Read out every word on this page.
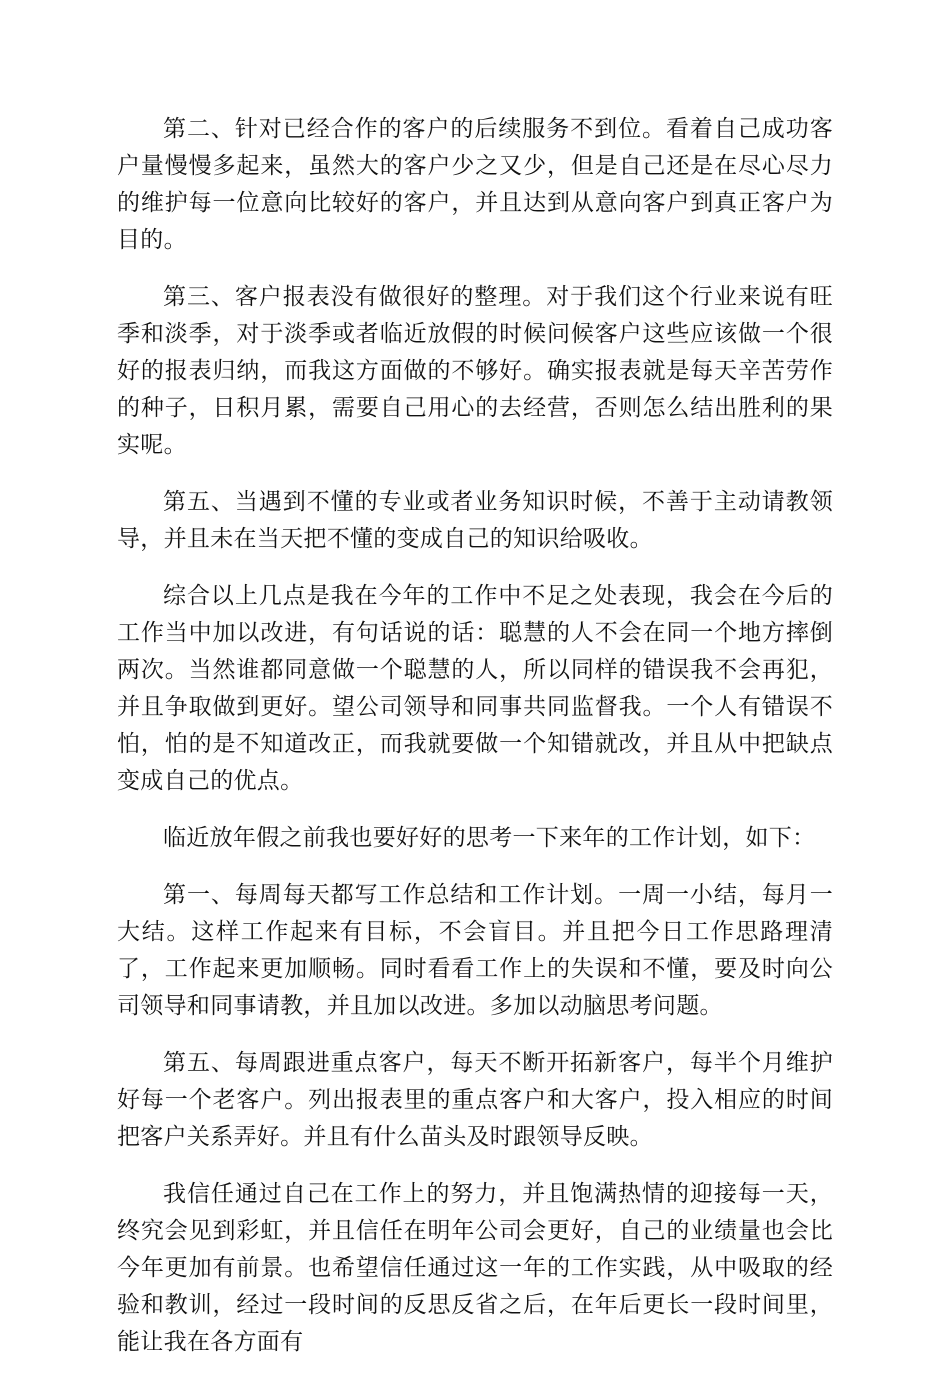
第二、针对已经合作的客户的后续服务不到位。看着自己成功客户量慢慢多起来，虽然大的客户少之又少，但是自己还是在尽心尽力的维护每一位意向比较好的客户，并且达到从意向客户到真正客户为目的。

第三、客户报表没有做很好的整理。对于我们这个行业来说有旺季和淡季，对于淡季或者临近放假的时候问候客户这些应该做一个很好的报表归纳，而我这方面做的不够好。确实报表就是每天辛苦劳作的种子，日积月累，需要自己用心的去经营，否则怎么结出胜利的果实呢。

第五、当遇到不懂的专业或者业务知识时候，不善于主动请教领导，并且未在当天把不懂的变成自己的知识给吸收。

综合以上几点是我在今年的工作中不足之处表现，我会在今后的工作当中加以改进，有句话说的话：聪慧的人不会在同一个地方摔倒两次。当然谁都同意做一个聪慧的人，所以同样的错误我不会再犯，并且争取做到更好。望公司领导和同事共同监督我。一个人有错误不怕，怕的是不知道改正，而我就要做一个知错就改，并且从中把缺点变成自己的优点。

临近放年假之前我也要好好的思考一下来年的工作计划，如下：

第一、每周每天都写工作总结和工作计划。一周一小结，每月一大结。这样工作起来有目标，不会盲目。并且把今日工作思路理清了，工作起来更加顺畅。同时看看工作上的失误和不懂，要及时向公司领导和同事请教，并且加以改进。多加以动脑思考问题。

第五、每周跟进重点客户，每天不断开拓新客户，每半个月维护好每一个老客户。列出报表里的重点客户和大客户，投入相应的时间把客户关系弄好。并且有什么苗头及时跟领导反映。

我信任通过自己在工作上的努力，并且饱满热情的迎接每一天，终究会见到彩虹，并且信任在明年公司会更好，自己的业绩量也会比今年更加有前景。也希望信任通过这一年的工作实践，从中吸取的经验和教训，经过一段时间的反思反省之后，在年后更长一段时间里，能让我在各方面有
